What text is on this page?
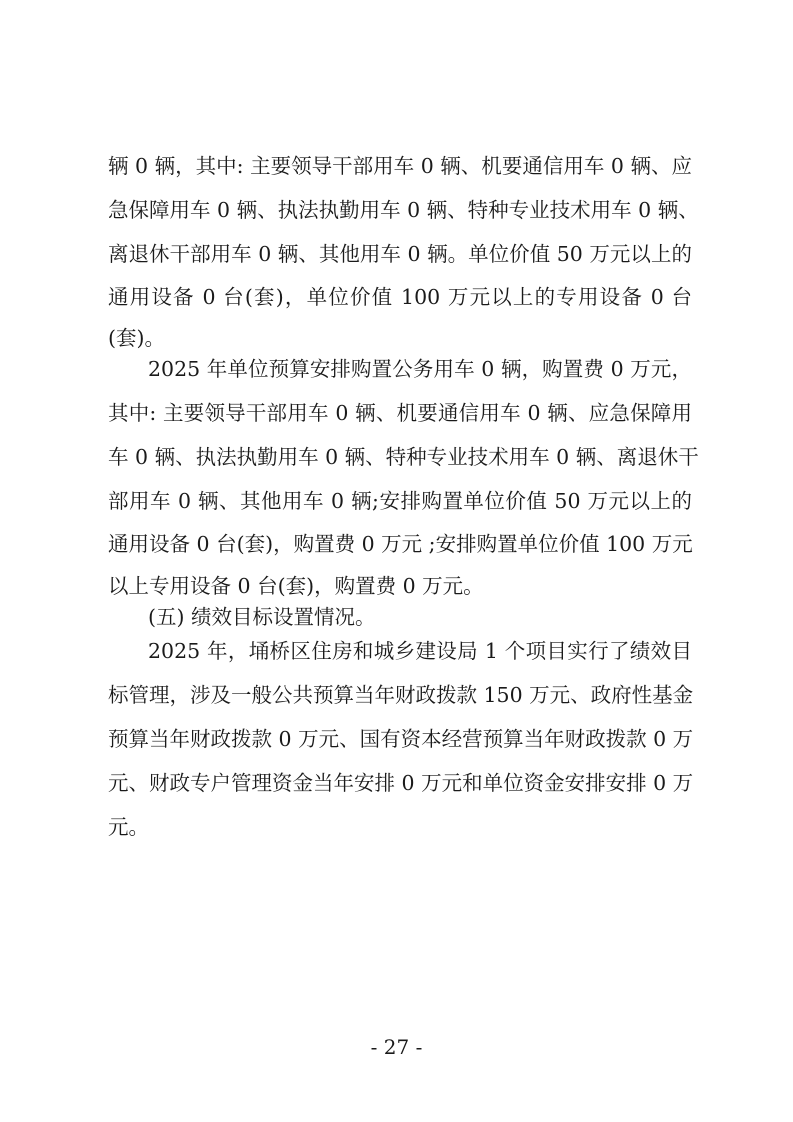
辆 0 辆，其中: 主要领导干部用车 0 辆、机要通信用车 0 辆、应
急保障用车 0 辆、执法执勤用车 0 辆、特种专业技术用车 0 辆、
离退休干部用车 0 辆、其他用车 0 辆。单位价值 50 万元以上的
通用设备 0 台(套)，单位价值 100 万元以上的专用设备 0 台
(套)。
2025 年单位预算安排购置公务用车 0 辆，购置费 0 万元，
其中: 主要领导干部用车 0 辆、机要通信用车 0 辆、应急保障用
车 0 辆、执法执勤用车 0 辆、特种专业技术用车 0 辆、离退休干
部用车 0 辆、其他用车 0 辆;安排购置单位价值 50 万元以上的
通用设备 0 台(套)，购置费 0 万元 ;安排购置单位价值 100 万元
以上专用设备 0 台(套)，购置费 0 万元。
(五) 绩效目标设置情况。
2025 年，埇桥区住房和城乡建设局 1 个项目实行了绩效目
标管理，涉及一般公共预算当年财政拨款 150 万元、政府性基金
预算当年财政拨款 0 万元、国有资本经营预算当年财政拨款 0 万
元、财政专户管理资金当年安排 0 万元和单位资金安排安排 0 万
元。
- 27 -
